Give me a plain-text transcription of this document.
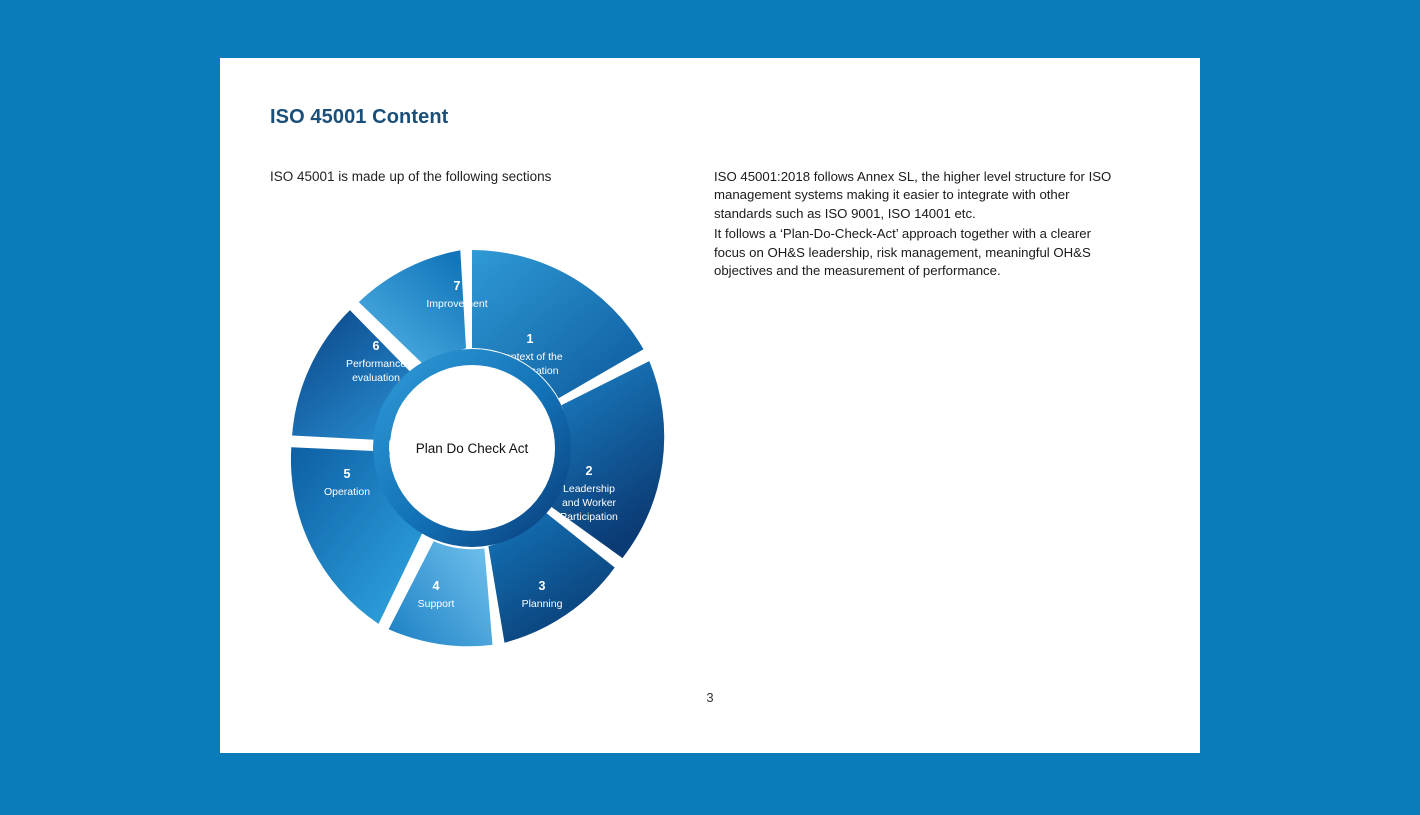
ISO 45001 Content
ISO 45001 is made up of the following sections	ISO 45001:2018 follows Annex SL, the higher level structure for ISO management systems making it easier to integrate with other standards such as ISO 9001, ISO 14001 etc.

It follows a ‘Plan-Do-Check-Act’ approach together with a clearer focus on OH&S leadership, risk management, meaningful OH&S objectives and the measurement of performance.

1
Context of the
organisation
2
Leadership
and Worker
Participation
3
Planning
4
Support
5
Operation
6
Performance
evaluation
7
Improvement
Plan Do Check Act
3
